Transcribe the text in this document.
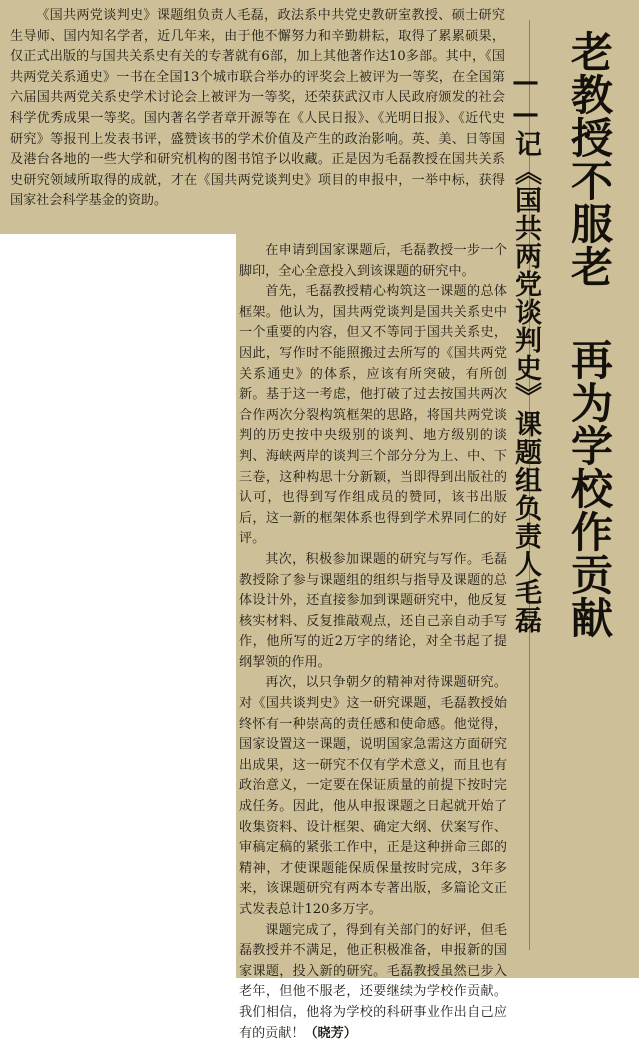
老教授不服老 再为学校作贡献
——记《国共两党谈判史》课题组负责人毛磊

《国共两党谈判史》课题组负责人毛磊，政法系中共党史教研室教授、硕士研究生导师、国内知名学者，近几年来，由于他不懈努力和辛勤耕耘，取得了累累硕果，仅正式出版的与国共关系史有关的专著就有6部，加上其他著作达10多部。其中，《国共两党关系通史》一书在全国13个城市联合举办的评奖会上被评为一等奖，在全国第六届国共两党关系史学术讨论会上被评为一等奖，还荣获武汉市人民政府颁发的社会科学优秀成果一等奖。国内著名学者章开源等在《人民日报》、《光明日报》、《近代史研究》等报刊上发表书评，盛赞该书的学术价值及产生的政治影响。英、美、日等国及港台各地的一些大学和研究机构的图书馆予以收藏。正是因为毛磊教授在国共关系史研究领域所取得的成就，才在《国共两党谈判史》项目的申报中，一举中标，获得国家社会科学基金的资助。

在申请到国家课题后，毛磊教授一步一个脚印，全心全意投入到该课题的研究中。

首先，毛磊教授精心构筑这一课题的总体框架。他认为，国共两党谈判是国共关系史中一个重要的内容，但又不等同于国共关系史，因此，写作时不能照搬过去所写的《国共两党关系通史》的体系，应该有所突破，有所创新。基于这一考虑，他打破了过去按国共两次合作两次分裂构筑框架的思路，将国共两党谈判的历史按中央级别的谈判、地方级别的谈判、海峡两岸的谈判三个部分分为上、中、下三卷，这种构思十分新颖，当即得到出版社的认可，也得到写作组成员的赞同，该书出版后，这一新的框架体系也得到学术界同仁的好评。

其次，积极参加课题的研究与写作。毛磊教授除了参与课题组的组织与指导及课题的总体设计外，还直接参加到课题研究中，他反复核实材料、反复推敲观点，还自己亲自动手写作，他所写的近2万字的绪论，对全书起了提纲挈领的作用。

再次，以只争朝夕的精神对待课题研究。对《国共谈判史》这一研究课题，毛磊教授始终怀有一种崇高的责任感和使命感。他觉得，国家设置这一课题，说明国家急需这方面研究出成果，这一研究不仅有学术意义，而且也有政治意义，一定要在保证质量的前提下按时完成任务。因此，他从申报课题之日起就开始了收集资料、设计框架、确定大纲、伏案写作、审稿定稿的紧张工作中，正是这种拼命三郎的精神，才使课题能保质保量按时完成，3年多来，该课题研究有两本专著出版，多篇论文正式发表总计120多万字。

课题完成了，得到有关部门的好评，但毛磊教授并不满足，他正积极准备，申报新的国家课题，投入新的研究。毛磊教授虽然已步入老年，但他不服老，还要继续为学校作贡献。我们相信，他将为学校的科研事业作出自己应有的贡献！（晓芳）
